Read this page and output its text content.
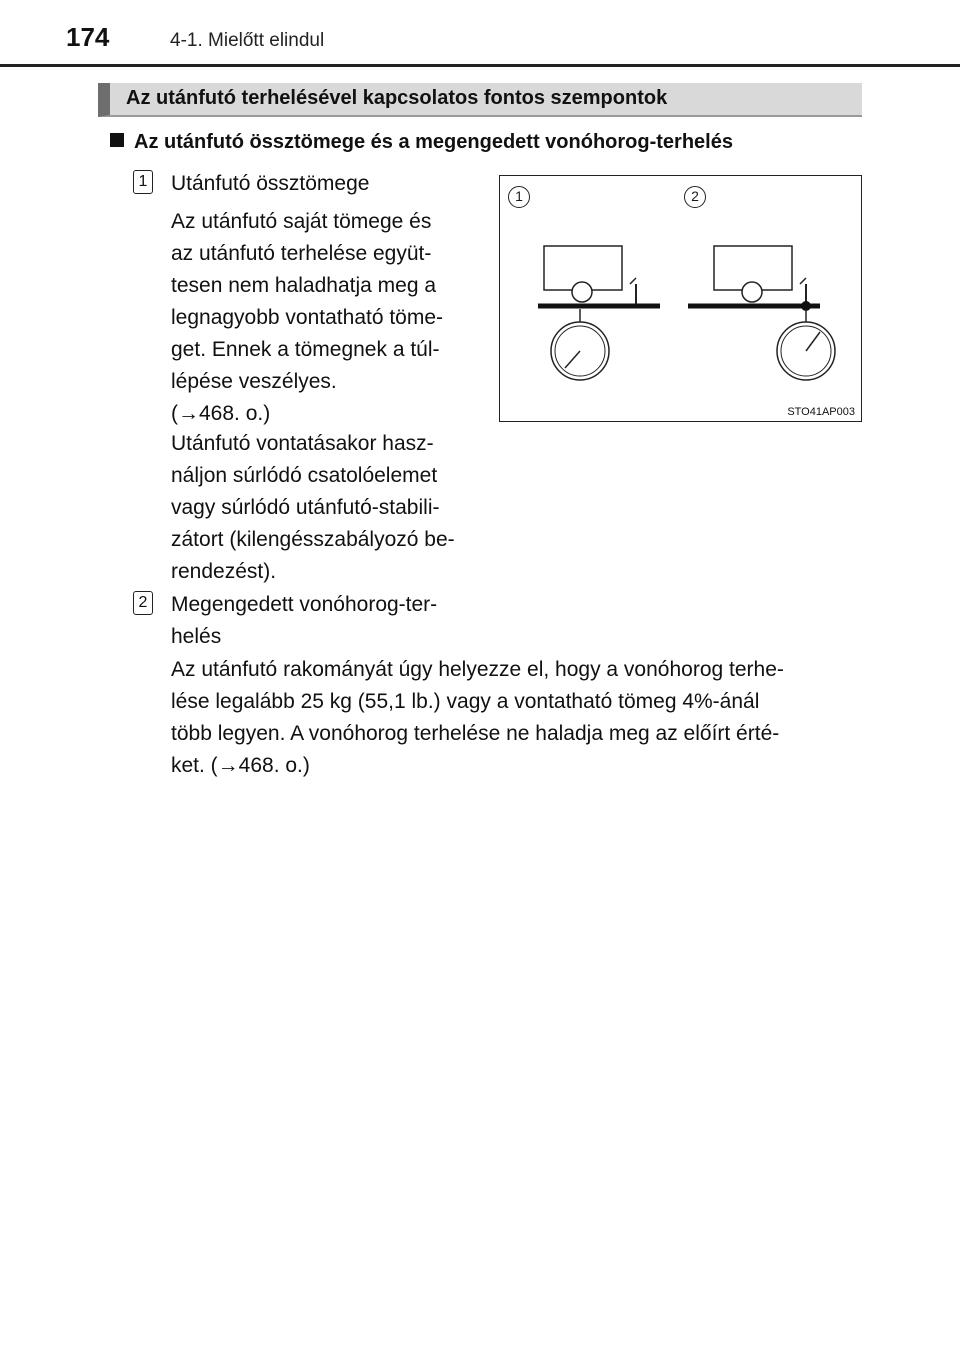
174	4-1. Mielőtt elindul
Az utánfutó terhelésével kapcsolatos fontos szempontok
Az utánfutó össztömege és a megengedett vonóhorog-terhelés
1 Utánfutó össztömege
Az utánfutó saját tömege és
az utánfutó terhelése együt-
tesen nem haladhatja meg a
legnagyobb vontatható töme-
get. Ennek a tömegnek a túl-
lépése veszélyes.
(→468. o.)
Utánfutó vontatásakor hasz-
náljon súrlódó csatolóelemet
vagy súrlódó utánfutó-stabili-
zátort (kilengésszabályozó be-
rendezést).
2 Megengedett vonóhorog-ter-
helés
Az utánfutó rakományát úgy helyezze el, hogy a vonóhorog terhe-
lése legalább 25 kg (55,1 lb.) vagy a vontatható tömeg 4%-ánál
több legyen. A vonóhorog terhelése ne haladja meg az előírt érté-
ket. (→468. o.)
1	2
STO41AP003
